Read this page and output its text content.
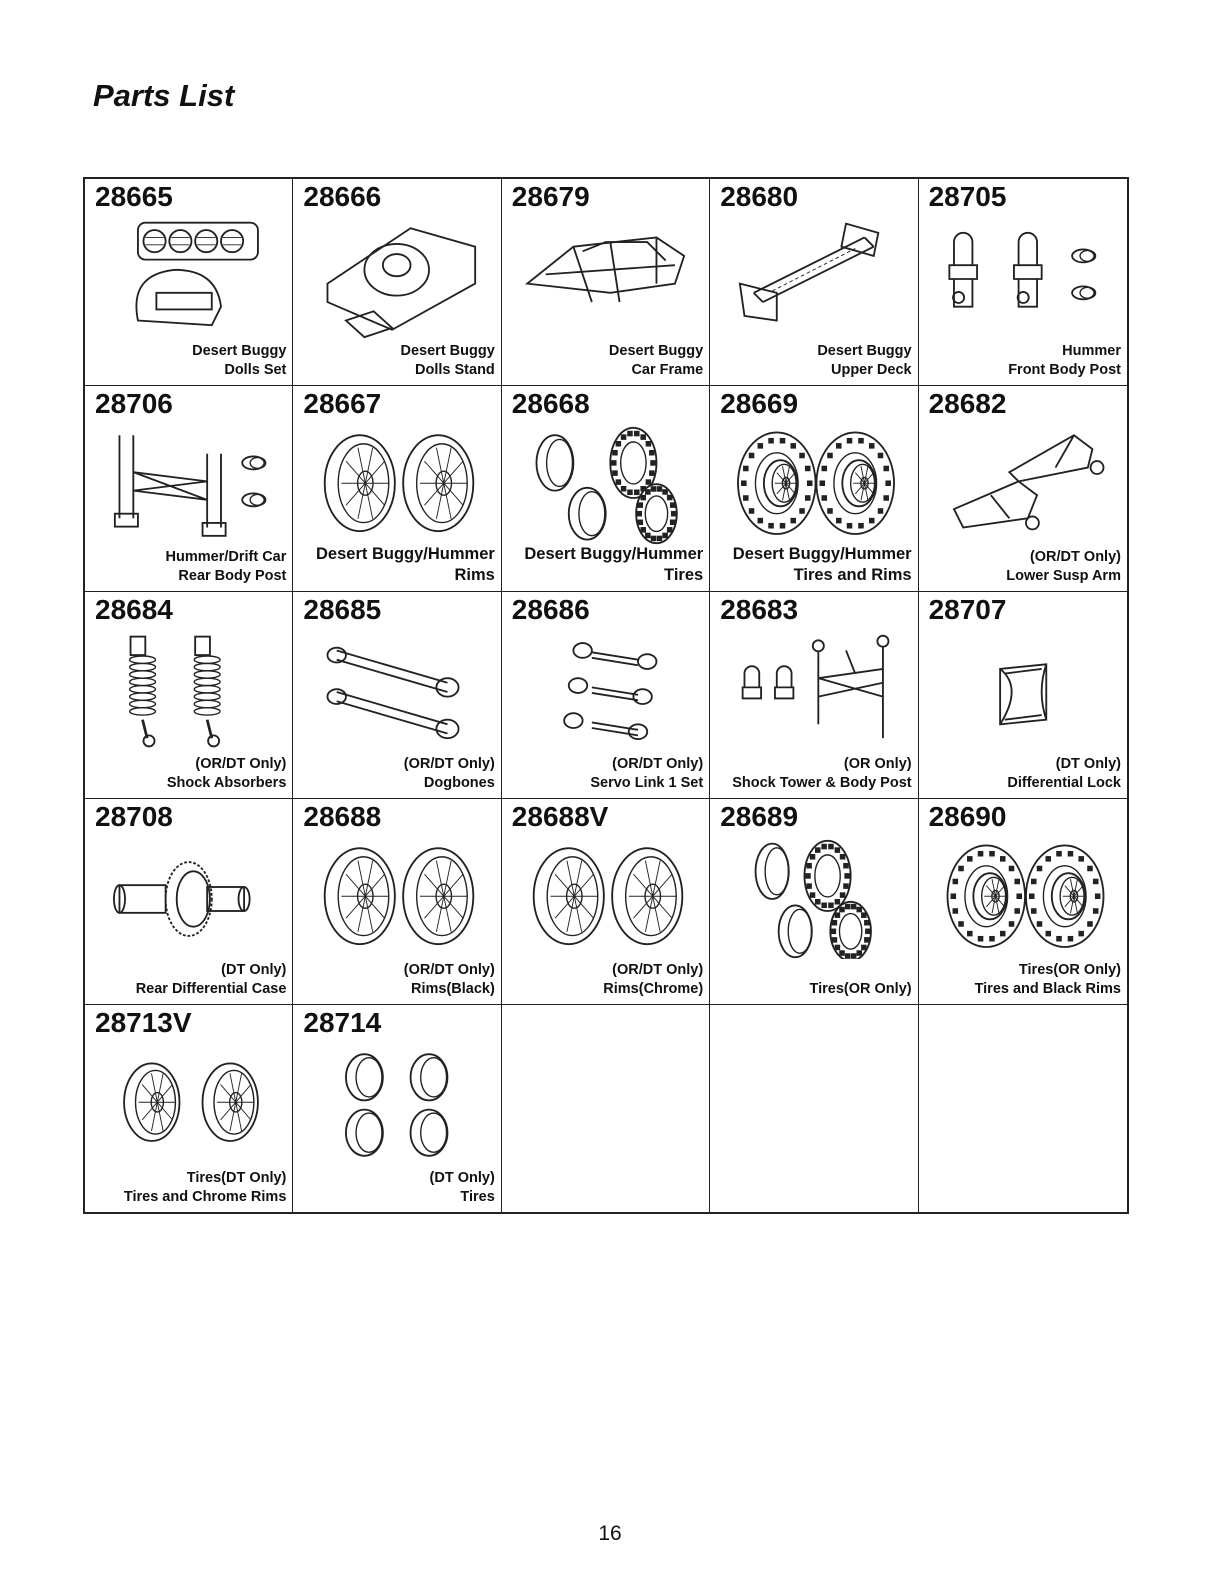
Parts List
28665
Desert Buggy
Dolls Set
28666
Desert Buggy
Dolls Stand
28679
Desert Buggy
Car Frame
28680
Desert Buggy
Upper Deck
28705
Hummer
Front Body Post
28706
Hummer/Drift Car
Rear Body Post
28667
Desert Buggy/Hummer
Rims
28668
Desert Buggy/Hummer
Tires
28669
Desert Buggy/Hummer
Tires and Rims
28682
(OR/DT Only)
Lower Susp Arm
28684
(OR/DT Only)
Shock Absorbers
28685
(OR/DT Only)
Dogbones
28686
(OR/DT Only)
Servo Link 1 Set
28683
(OR Only)
Shock Tower & Body Post
28707
(DT Only)
Differential Lock
28708
(DT Only)
Rear Differential Case
28688
(OR/DT Only)
Rims(Black)
28688V
(OR/DT Only)
Rims(Chrome)
28689
Tires(OR Only)
28690
Tires(OR Only)
Tires and Black Rims
28713V
Tires(DT Only)
Tires and Chrome Rims
28714
(DT Only)
Tires
16
